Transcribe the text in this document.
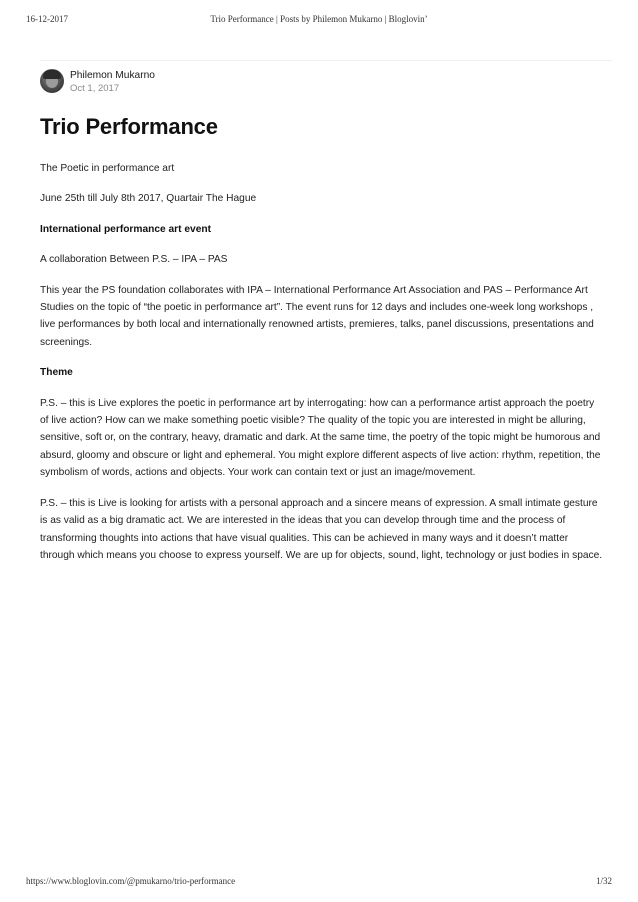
16-12-2017	Trio Performance | Posts by Philemon Mukarno | Bloglovin’
Philemon Mukarno
Oct 1, 2017
Trio Performance

The Poetic in performance art

June 25th till July 8th 2017, Quartair The Hague

International performance art event

A collaboration Between P.S. – IPA – PAS

This year the PS foundation collaborates with IPA – International Performance Art Association and PAS – Performance Art Studies on the topic of “the poetic in performance art”. The event runs for 12 days and includes one-week long workshops , live performances by both local and internationally renowned artists, premieres, talks, panel discussions, presentations and screenings.

Theme

P.S. – this is Live explores the poetic in performance art by interrogating: how can a performance artist approach the poetry of live action? How can we make something poetic visible? The quality of the topic you are interested in might be alluring, sensitive, soft or, on the contrary, heavy, dramatic and dark. At the same time, the poetry of the topic might be humorous and absurd, gloomy and obscure or light and ephemeral. You might explore different aspects of live action: rhythm, repetition, the symbolism of words, actions and objects. Your work can contain text or just an image/movement.

P.S. – this is Live is looking for artists with a personal approach and a sincere means of expression. A small intimate gesture is as valid as a big dramatic act. We are interested in the ideas that you can develop through time and the process of transforming thoughts into actions that have visual qualities. This can be achieved in many ways and it doesn’t matter through which means you choose to express yourself. We are up for objects, sound, light, technology or just bodies in space.

https://www.bloglovin.com/@pmukarno/trio-performance	1/32
